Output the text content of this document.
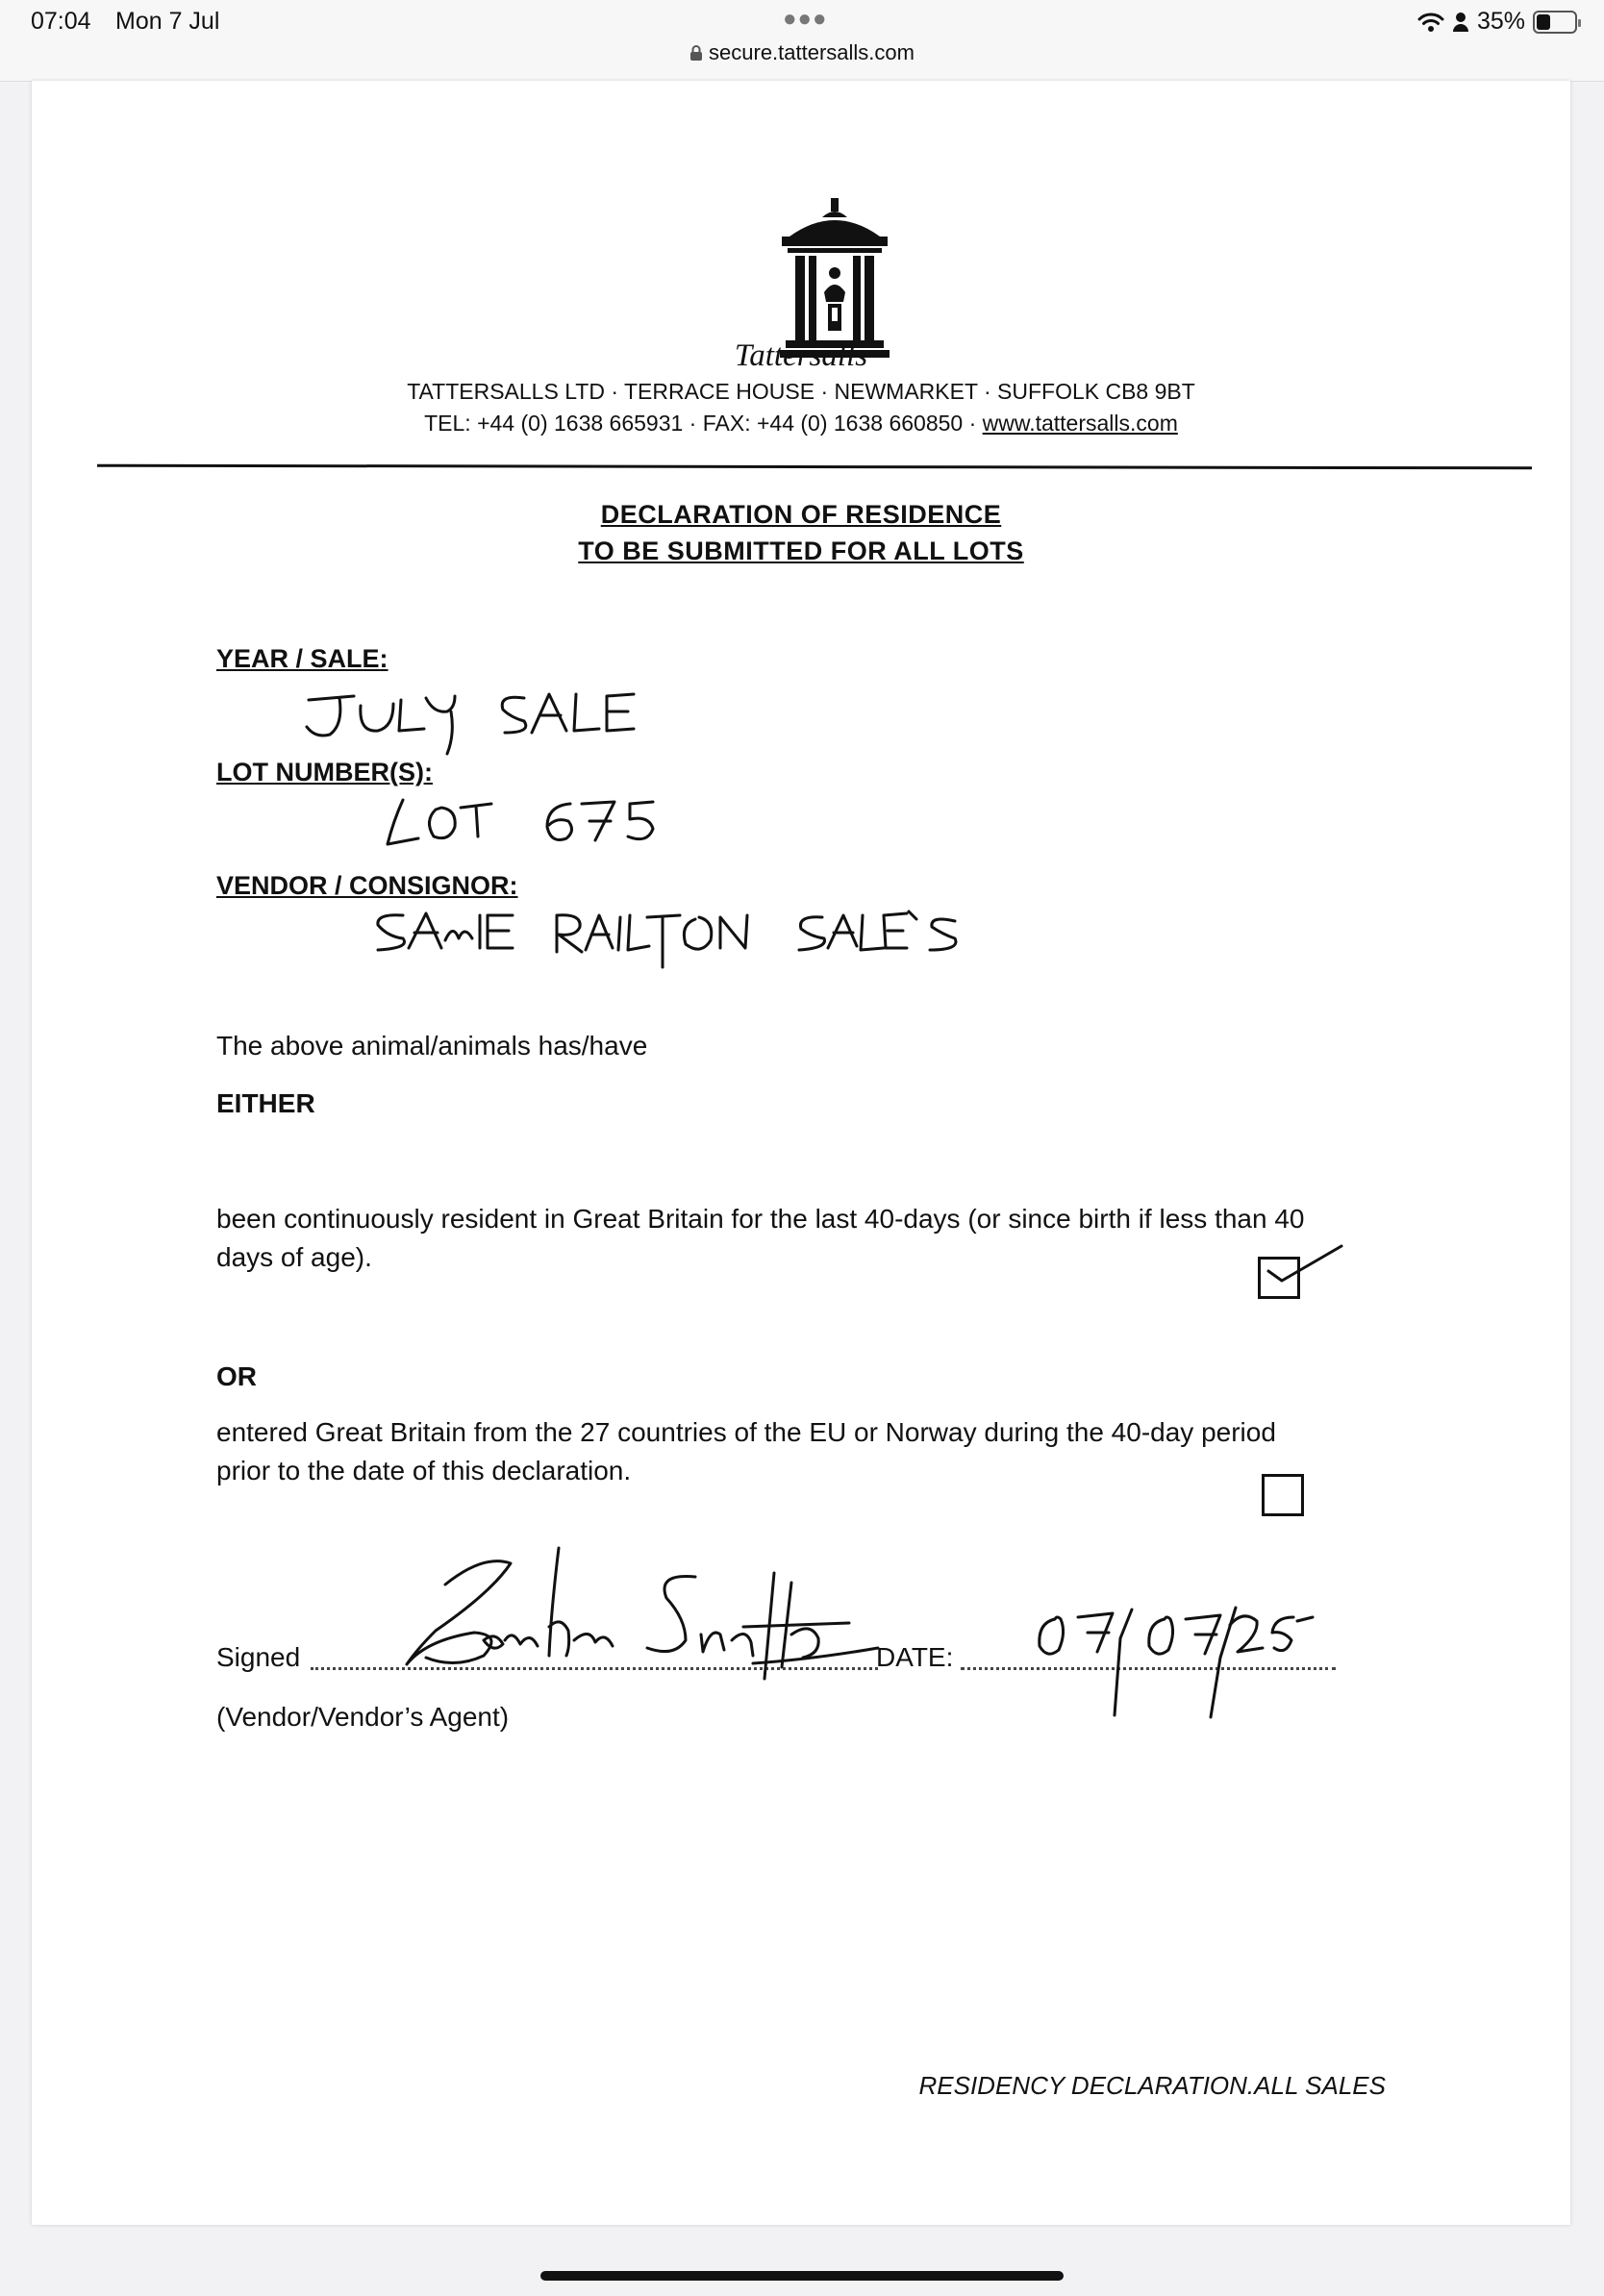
07:04 Mon 7 Jul	●●●
secure.tattersalls.com
35%
Tattersalls
TATTERSALLS LTD · TERRACE HOUSE · NEWMARKET · SUFFOLK CB8 9BT
TEL: +44 (0) 1638 665931 · FAX: +44 (0) 1638 660850 · www.tattersalls.com
DECLARATION OF RESIDENCE
TO BE SUBMITTED FOR ALL LOTS
YEAR / SALE:
LOT NUMBER(S):
VENDOR / CONSIGNOR:
The above animal/animals has/have
EITHER
been continuously resident in Great Britain for the last 40-days (or since birth if less than 40
days of age).
OR
entered Great Britain from the 27 countries of the EU or Norway during the 40-day period
prior to the date of this declaration.
Signed	DATE:
(Vendor/Vendor’s Agent)
RESIDENCY DECLARATION.ALL SALES
